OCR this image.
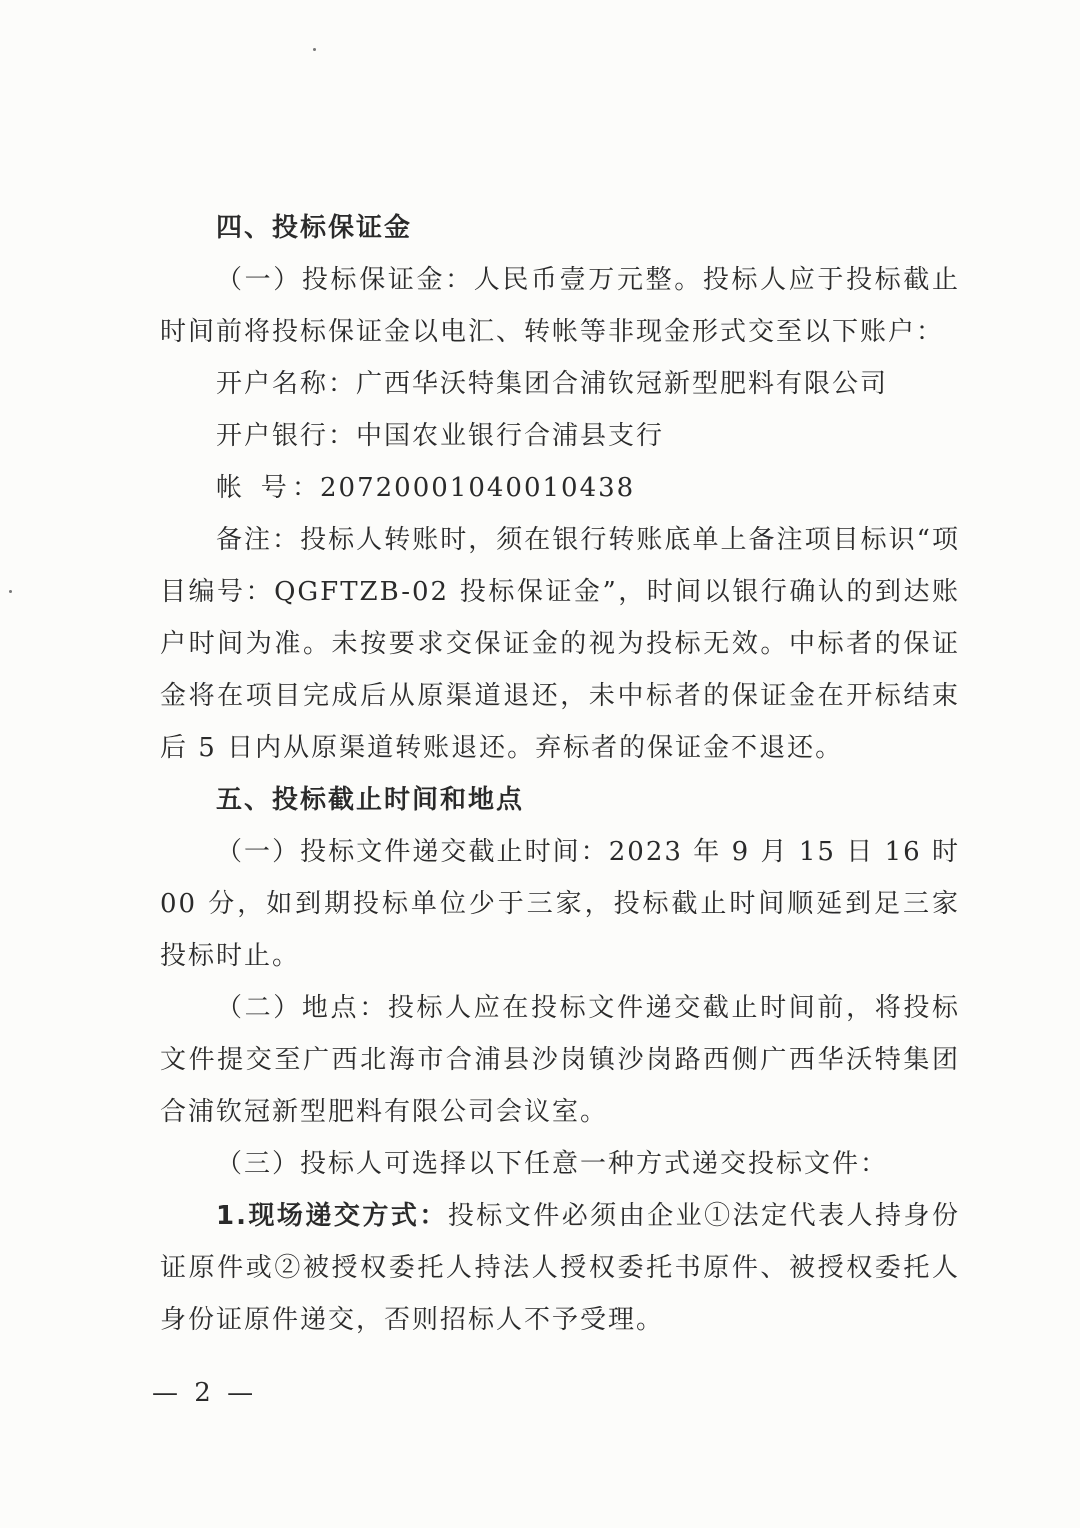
四、投标保证金

（一）投标保证金：人民币壹万元整。投标人应于投标截止时间前将投标保证金以电汇、转帐等非现金形式交至以下账户：

开户名称：广西华沃特集团合浦钦冠新型肥料有限公司

开户银行：中国农业银行合浦县支行

帐 号：20720001040010438

备注：投标人转账时，须在银行转账底单上备注项目标识“项目编号：QGFTZB-02 投标保证金”，时间以银行确认的到达账户时间为准。未按要求交保证金的视为投标无效。中标者的保证金将在项目完成后从原渠道退还，未中标者的保证金在开标结束后 5 日内从原渠道转账退还。弃标者的保证金不退还。

五、投标截止时间和地点

（一）投标文件递交截止时间：2023 年 9 月 15 日 16 时 00 分，如到期投标单位少于三家，投标截止时间顺延到足三家投标时止。

（二）地点：投标人应在投标文件递交截止时间前，将投标文件提交至广西北海市合浦县沙岗镇沙岗路西侧广西华沃特集团合浦钦冠新型肥料有限公司会议室。

（三）投标人可选择以下任意一种方式递交投标文件：

1.现场递交方式：投标文件必须由企业①法定代表人持身份证原件或②被授权委托人持法人授权委托书原件、被授权委托人身份证原件递交，否则招标人不予受理。

— 2 —
